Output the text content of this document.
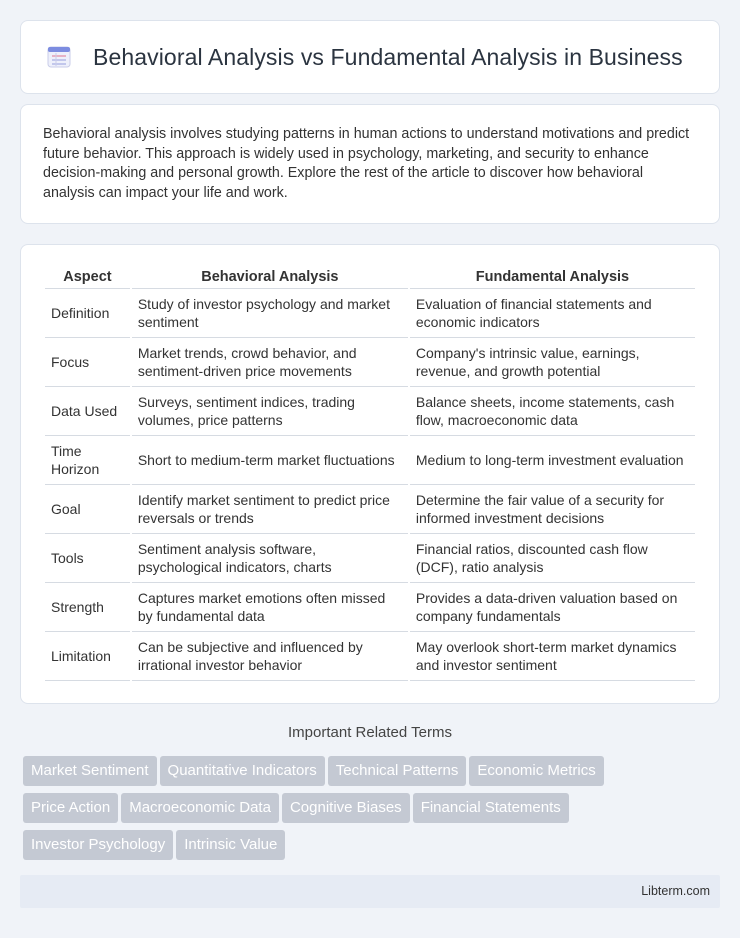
Behavioral Analysis vs Fundamental Analysis in Business

Behavioral analysis involves studying patterns in human actions to understand motivations and predict future behavior. This approach is widely used in psychology, marketing, and security to enhance decision-making and personal growth. Explore the rest of the article to discover how behavioral analysis can impact your life and work.

Aspect	Behavioral Analysis	Fundamental Analysis
Definition	Study of investor psychology and market sentiment	Evaluation of financial statements and economic indicators
Focus	Market trends, crowd behavior, and sentiment-driven price movements	Company's intrinsic value, earnings, revenue, and growth potential
Data Used	Surveys, sentiment indices, trading volumes, price patterns	Balance sheets, income statements, cash flow, macroeconomic data
Time Horizon	Short to medium-term market fluctuations	Medium to long-term investment evaluation
Goal	Identify market sentiment to predict price reversals or trends	Determine the fair value of a security for informed investment decisions
Tools	Sentiment analysis software, psychological indicators, charts	Financial ratios, discounted cash flow (DCF), ratio analysis
Strength	Captures market emotions often missed by fundamental data	Provides a data-driven valuation based on company fundamentals
Limitation	Can be subjective and influenced by irrational investor behavior	May overlook short-term market dynamics and investor sentiment
Important Related Terms
Market Sentiment	Quantitative Indicators	Technical Patterns	Economic Metrics
Price Action	Macroeconomic Data	Cognitive Biases	Financial Statements
Investor Psychology	Intrinsic Value
Libterm.com
